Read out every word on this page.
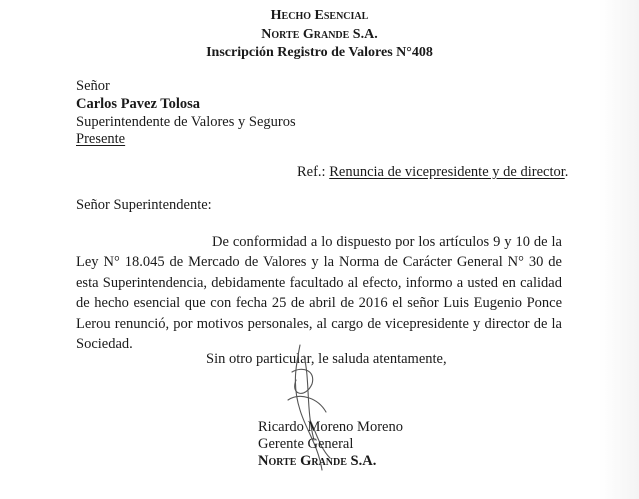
Hecho Esencial
Norte Grande S.A.
Inscripción Registro de Valores N°408
Señor
Carlos Pavez Tolosa
Superintendente de Valores y Seguros
Presente
Ref.: Renuncia de vicepresidente y de director.
Señor Superintendente:
De conformidad a lo dispuesto por los artículos 9 y 10 de la Ley N° 18.045 de Mercado de Valores y la Norma de Carácter General N° 30 de esta Superintendencia, debidamente facultado al efecto, informo a usted en calidad de hecho esencial que con fecha 25 de abril de 2016 el señor Luis Eugenio Ponce Lerou renunció, por motivos personales, al cargo de vicepresidente y director de la Sociedad.
Sin otro particular, le saluda atentamente,
Ricardo Moreno Moreno
Gerente General
Norte Grande S.A.
